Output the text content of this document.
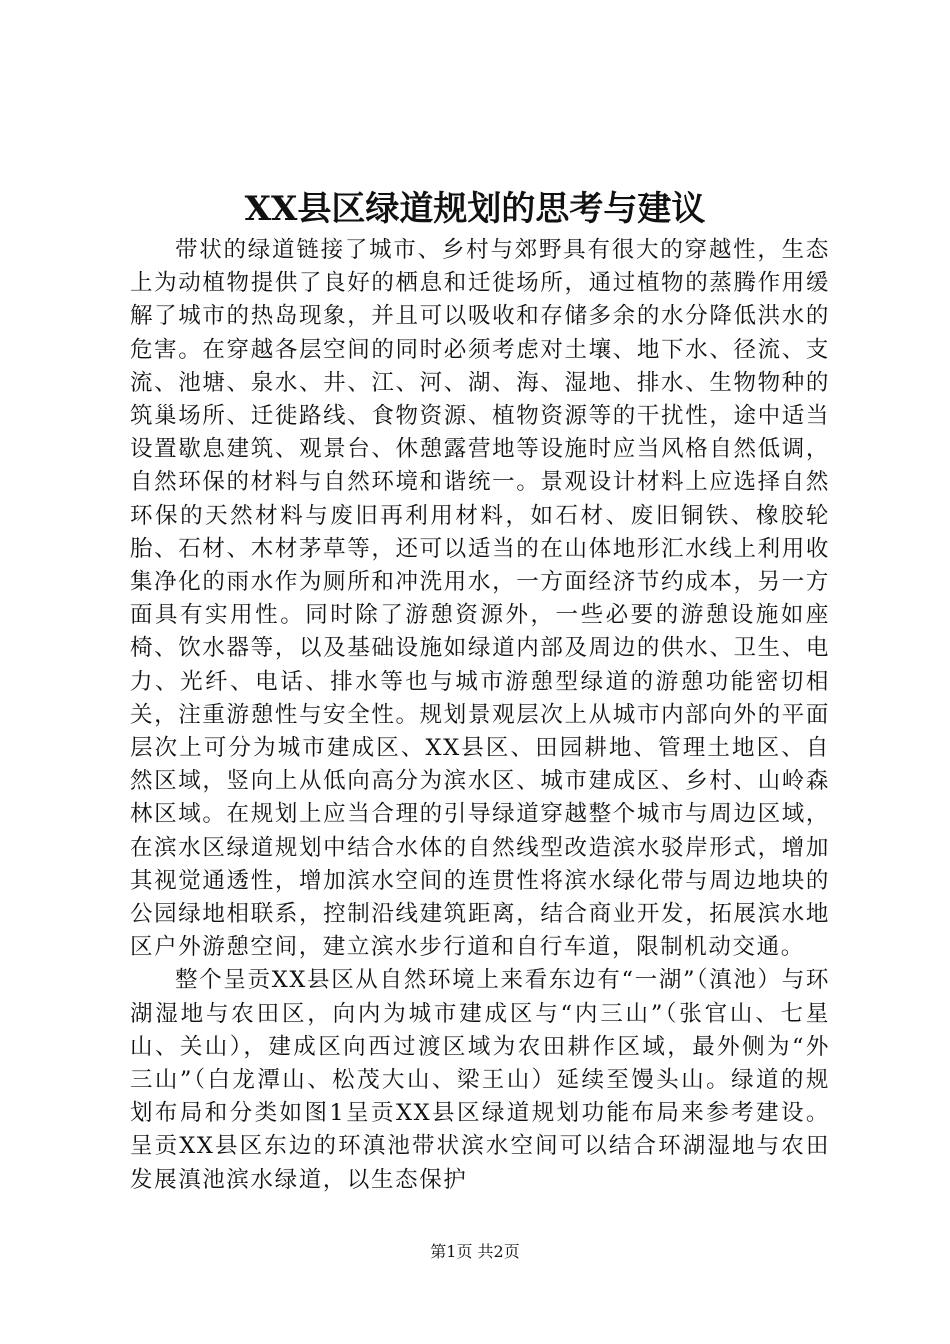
XX县区绿道规划的思考与建议

带状的绿道链接了城市、乡村与郊野具有很大的穿越性，生态上为动植物提供了良好的栖息和迁徙场所，通过植物的蒸腾作用缓解了城市的热岛现象，并且可以吸收和存储多余的水分降低洪水的危害。在穿越各层空间的同时必须考虑对土壤、地下水、径流、支流、池塘、泉水、井、江、河、湖、海、湿地、排水、生物物种的筑巢场所、迁徙路线、食物资源、植物资源等的干扰性，途中适当设置歇息建筑、观景台、休憩露营地等设施时应当风格自然低调，自然环保的材料与自然环境和谐统一。景观设计材料上应选择自然环保的天然材料与废旧再利用材料，如石材、废旧铜铁、橡胶轮胎、石材、木材茅草等，还可以适当的在山体地形汇水线上利用收集净化的雨水作为厕所和冲洗用水，一方面经济节约成本，另一方面具有实用性。同时除了游憩资源外，一些必要的游憩设施如座椅、饮水器等，以及基础设施如绿道内部及周边的供水、卫生、电力、光纤、电话、排水等也与城市游憩型绿道的游憩功能密切相关，注重游憩性与安全性。规划景观层次上从城市内部向外的平面层次上可分为城市建成区、XX县区、田园耕地、管理土地区、自然区域，竖向上从低向高分为滨水区、城市建成区、乡村、山岭森林区域。在规划上应当合理的引导绿道穿越整个城市与周边区域，在滨水区绿道规划中结合水体的自然线型改造滨水驳岸形式，增加其视觉通透性，增加滨水空间的连贯性将滨水绿化带与周边地块的公园绿地相联系，控制沿线建筑距离，结合商业开发，拓展滨水地区户外游憩空间，建立滨水步行道和自行车道，限制机动交通。

整个呈贡XX县区从自然环境上来看东边有“一湖”（滇池）与环湖湿地与农田区，向内为城市建成区与“内三山”（张官山、七星山、关山），建成区向西过渡区域为农田耕作区域，最外侧为“外三山”（白龙潭山、松茂大山、梁王山）延续至馒头山。绿道的规划布局和分类如图1呈贡XX县区绿道规划功能布局来参考建设。呈贡XX县区东边的环滇池带状滨水空间可以结合环湖湿地与农田发展滇池滨水绿道，以生态保护

第1页 共2页
